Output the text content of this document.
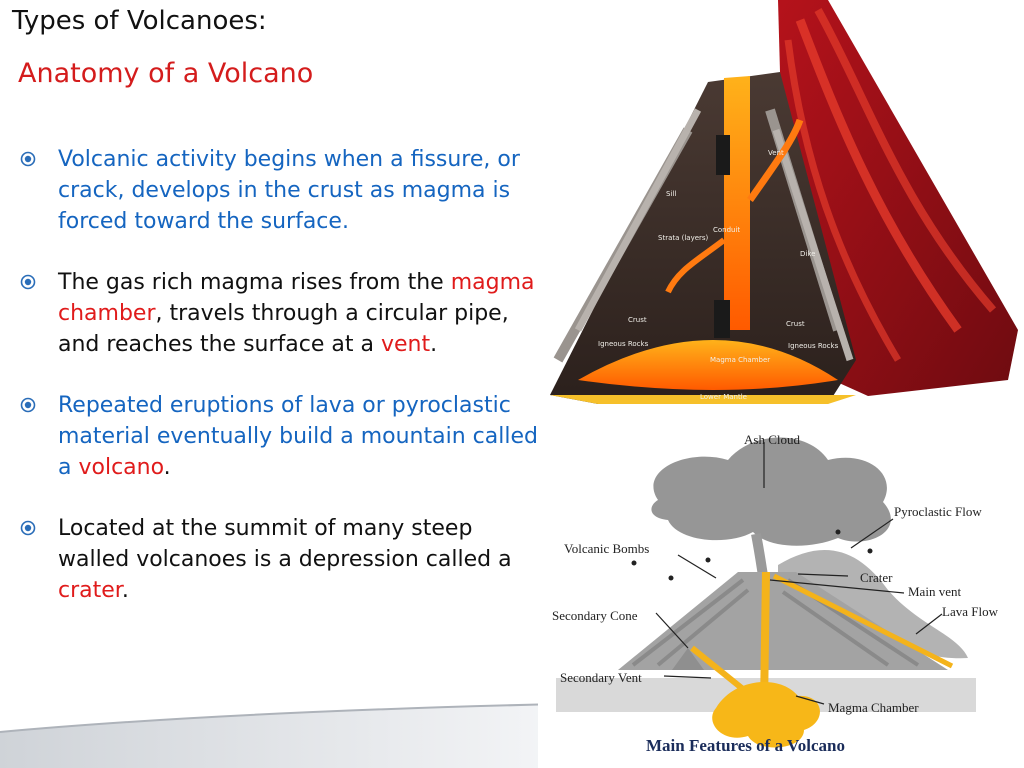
Types of Volcanoes:
Anatomy of a Volcano
Volcanic activity begins when a fissure, or crack, develops in the crust as magma is forced toward the surface.
The gas rich magma rises from the magma chamber, travels through a circular pipe, and reaches the surface at a vent.
Repeated eruptions of lava or pyroclastic material eventually build a mountain called a volcano.
Located at the summit of many steep walled volcanoes is a depression called a crater.
Vent
Sill
Strata (layers)
Conduit
Dike
Crust	Crust
Igneous Rocks	Igneous Rocks
Magma Chamber
Lower Mantle
Ash Cloud
Pyroclastic Flow
Volcanic Bombs
Crater
Main vent
Secondary Cone	Lava Flow
Secondary Vent
Magma Chamber
Main Features of a Volcano
